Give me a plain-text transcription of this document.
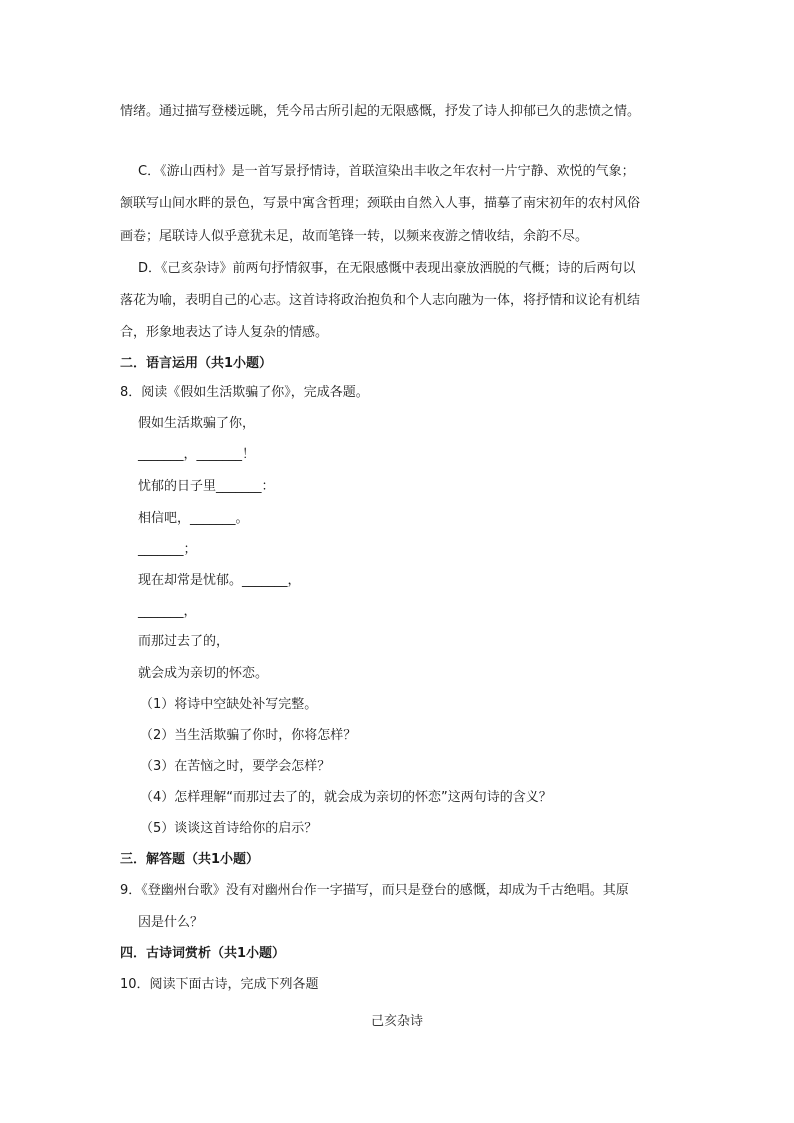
情绪。通过描写登楼远眺，凭今吊古所引起的无限感慨，抒发了诗人抑郁已久的悲愤之情。
C．《游山西村》是一首写景抒情诗，首联渲染出丰收之年农村一片宁静、欢悦的气象；
颔联写山间水畔的景色，写景中寓含哲理；颈联由自然入人事，描摹了南宋初年的农村风俗
画卷；尾联诗人似乎意犹未足，故而笔锋一转，以频来夜游之情收结，余韵不尽。
D．《己亥杂诗》前两句抒情叙事，在无限感慨中表现出豪放洒脱的气概；诗的后两句以
落花为喻，表明自己的心志。这首诗将政治抱负和个人志向融为一体，将抒情和议论有机结
合，形象地表达了诗人复杂的情感。
二．语言运用（共1小题）
8．阅读《假如生活欺骗了你》，完成各题。
假如生活欺骗了你，
_______，_______！
忧郁的日子里_______：
相信吧，_______。
_______；
现在却常是忧郁。_______，
_______，
而那过去了的，
就会成为亲切的怀恋。
（1）将诗中空缺处补写完整。
（2）当生活欺骗了你时，你将怎样？
（3）在苦恼之时，要学会怎样？
（4）怎样理解“而那过去了的，就会成为亲切的怀恋”这两句诗的含义？
（5）谈谈这首诗给你的启示？
三．解答题（共1小题）
9．《登幽州台歌》没有对幽州台作一字描写，而只是登台的感慨，却成为千古绝唱。其原
因是什么？
四．古诗词赏析（共1小题）
10．阅读下面古诗，完成下列各题
己亥杂诗
